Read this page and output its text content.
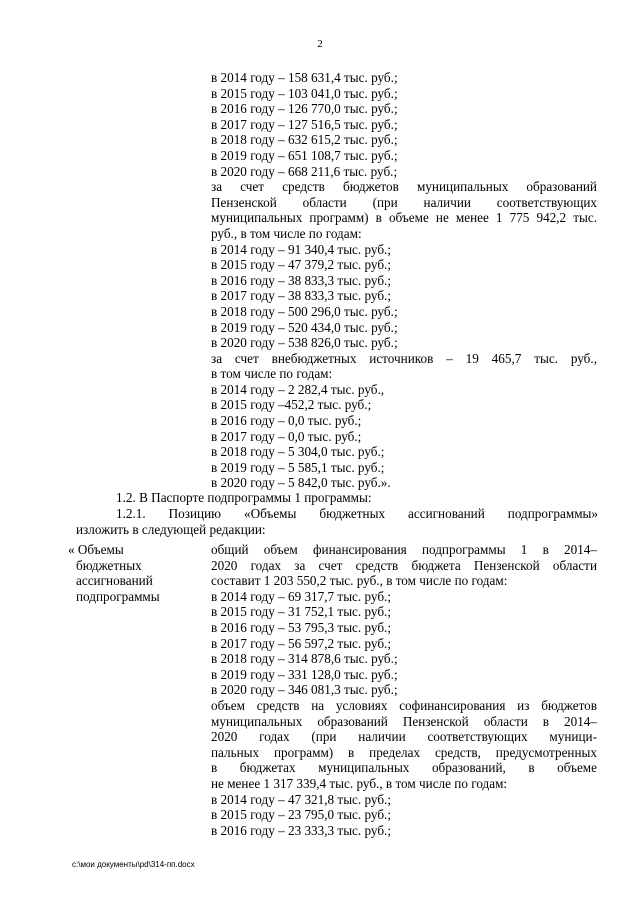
2
в 2014 году – 158 631,4 тыс. руб.;
в 2015 году – 103 041,0 тыс. руб.;
в 2016 году – 126 770,0 тыс. руб.;
в 2017 году – 127 516,5 тыс. руб.;
в 2018 году – 632 615,2 тыс. руб.;
в 2019 году – 651 108,7 тыс. руб.;
в 2020 году – 668 211,6 тыс. руб.;
за счет средств бюджетов муниципальных образований
Пензенской области (при наличии соответствующих
муниципальных программ) в объеме не менее 1 775 942,2 тыс.
руб., в том числе по годам:
в 2014 году – 91 340,4 тыс. руб.;
в 2015 году – 47 379,2 тыс. руб.;
в 2016 году – 38 833,3 тыс. руб.;
в 2017 году – 38 833,3 тыс. руб.;
в 2018 году – 500 296,0 тыс. руб.;
в 2019 году – 520 434,0 тыс. руб.;
в 2020 году – 538 826,0 тыс. руб.;
за счет внебюджетных источников – 19 465,7 тыс. руб.,
в том числе по годам:
в 2014 году – 2 282,4 тыс. руб.,
в 2015 году –452,2 тыс. руб.;
в 2016 году – 0,0 тыс. руб.;
в 2017 году – 0,0 тыс. руб.;
в 2018 году – 5 304,0 тыс. руб.;
в 2019 году – 5 585,1 тыс. руб.;
в 2020 году – 5 842,0 тыс. руб.».
1.2. В Паспорте подпрограммы 1 программы:
1.2.1. Позицию «Объемы бюджетных ассигнований подпрограммы»
изложить в следующей редакции:
« Объемы
бюджетных
ассигнований
подпрограммы
общий объем финансирования подпрограммы 1 в 2014–
2020 годах за счет средств бюджета Пензенской области
составит 1 203 550,2 тыс. руб., в том числе по годам:
в 2014 году – 69 317,7 тыс. руб.;
в 2015 году – 31 752,1 тыс. руб.;
в 2016 году – 53 795,3 тыс. руб.;
в 2017 году – 56 597,2 тыс. руб.;
в 2018 году – 314 878,6 тыс. руб.;
в 2019 году – 331 128,0 тыс. руб.;
в 2020 году – 346 081,3 тыс. руб.;
объем средств на условиях софинансирования из бюджетов
муниципальных образований Пензенской области в 2014–
2020 годах (при наличии соответствующих муници-
пальных программ) в пределах средств, предусмотренных
в бюджетах муниципальных образований, в объеме
не менее 1 317 339,4 тыс. руб., в том числе по годам:
в 2014 году – 47 321,8 тыс. руб.;
в 2015 году – 23 795,0 тыс. руб.;
в 2016 году – 23 333,3 тыс. руб.;
c:\мои документы\pd\314-пп.docx
